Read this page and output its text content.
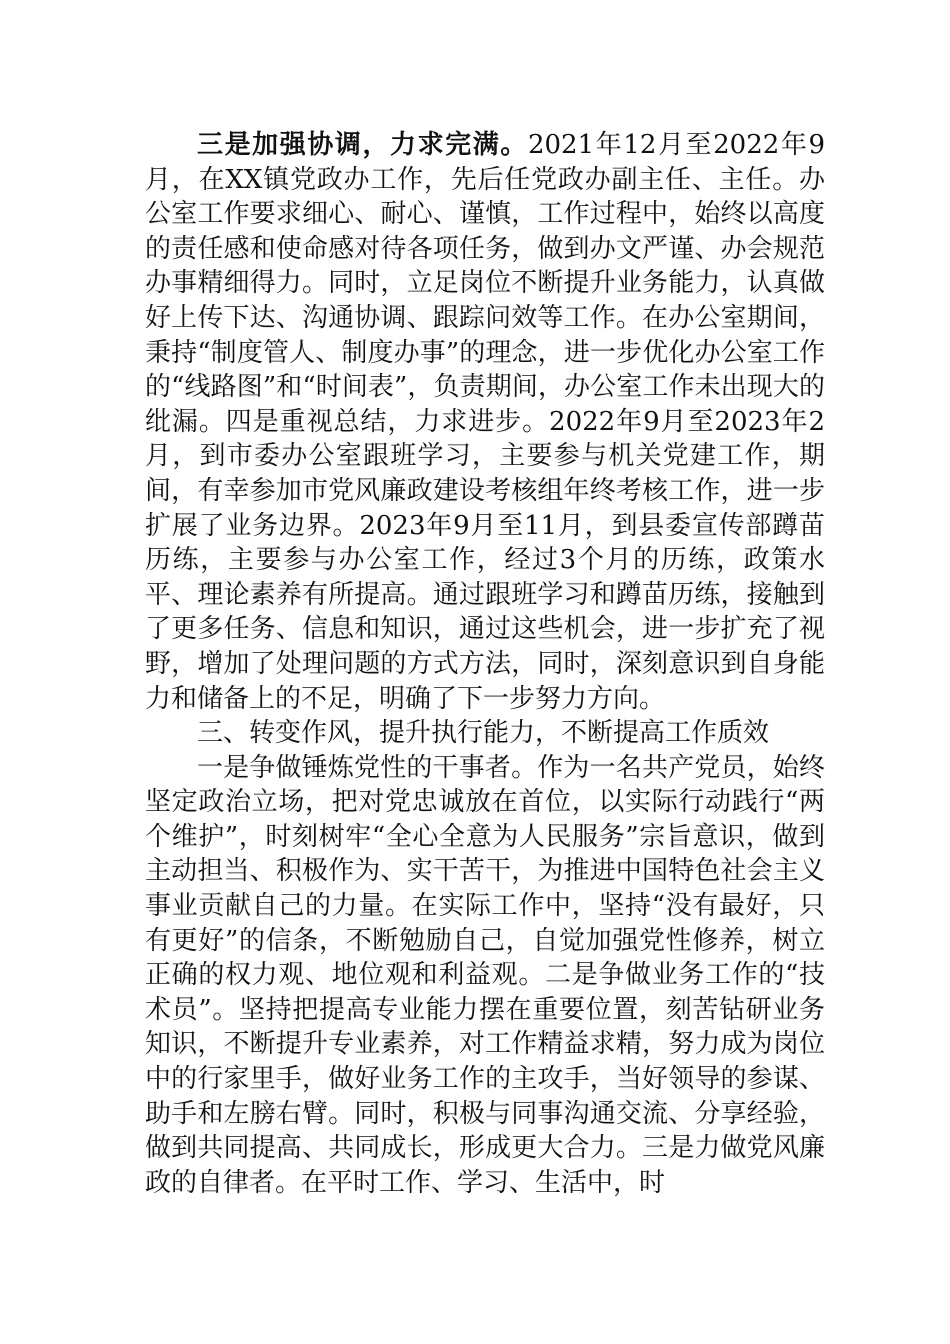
三是加强协调，力求完满。2021年12月至2022年9月，在XX镇党政办工作，先后任党政办副主任、主任。办公室工作要求细心、耐心、谨慎，工作过程中，始终以高度的责任感和使命感对待各项任务，做到办文严谨、办会规范办事精细得力。同时，立足岗位不断提升业务能力，认真做好上传下达、沟通协调、跟踪问效等工作。在办公室期间，秉持“制度管人、制度办事”的理念，进一步优化办公室工作的“线路图”和“时间表”，负责期间，办公室工作未出现大的纰漏。四是重视总结，力求进步。2022年9月至2023年2月，到市委办公室跟班学习，主要参与机关党建工作，期间，有幸参加市党风廉政建设考核组年终考核工作，进一步扩展了业务边界。2023年9月至11月，到县委宣传部蹲苗历练，主要参与办公室工作，经过3个月的历练，政策水平、理论素养有所提高。通过跟班学习和蹲苗历练，接触到了更多任务、信息和知识，通过这些机会，进一步扩充了视野，增加了处理问题的方式方法，同时，深刻意识到自身能力和储备上的不足，明确了下一步努力方向。

三、转变作风，提升执行能力，不断提高工作质效

一是争做锤炼党性的干事者。作为一名共产党员，始终坚定政治立场，把对党忠诚放在首位，以实际行动践行“两个维护”，时刻树牢“全心全意为人民服务”宗旨意识，做到主动担当、积极作为、实干苦干，为推进中国特色社会主义事业贡献自己的力量。在实际工作中，坚持“没有最好，只有更好”的信条，不断勉励自己，自觉加强党性修养，树立正确的权力观、地位观和利益观。二是争做业务工作的“技术员”。坚持把提高专业能力摆在重要位置，刻苦钻研业务知识，不断提升专业素养，对工作精益求精，努力成为岗位中的行家里手，做好业务工作的主攻手，当好领导的参谋、助手和左膀右臂。同时，积极与同事沟通交流、分享经验，做到共同提高、共同成长，形成更大合力。三是力做党风廉政的自律者。在平时工作、学习、生活中，时
